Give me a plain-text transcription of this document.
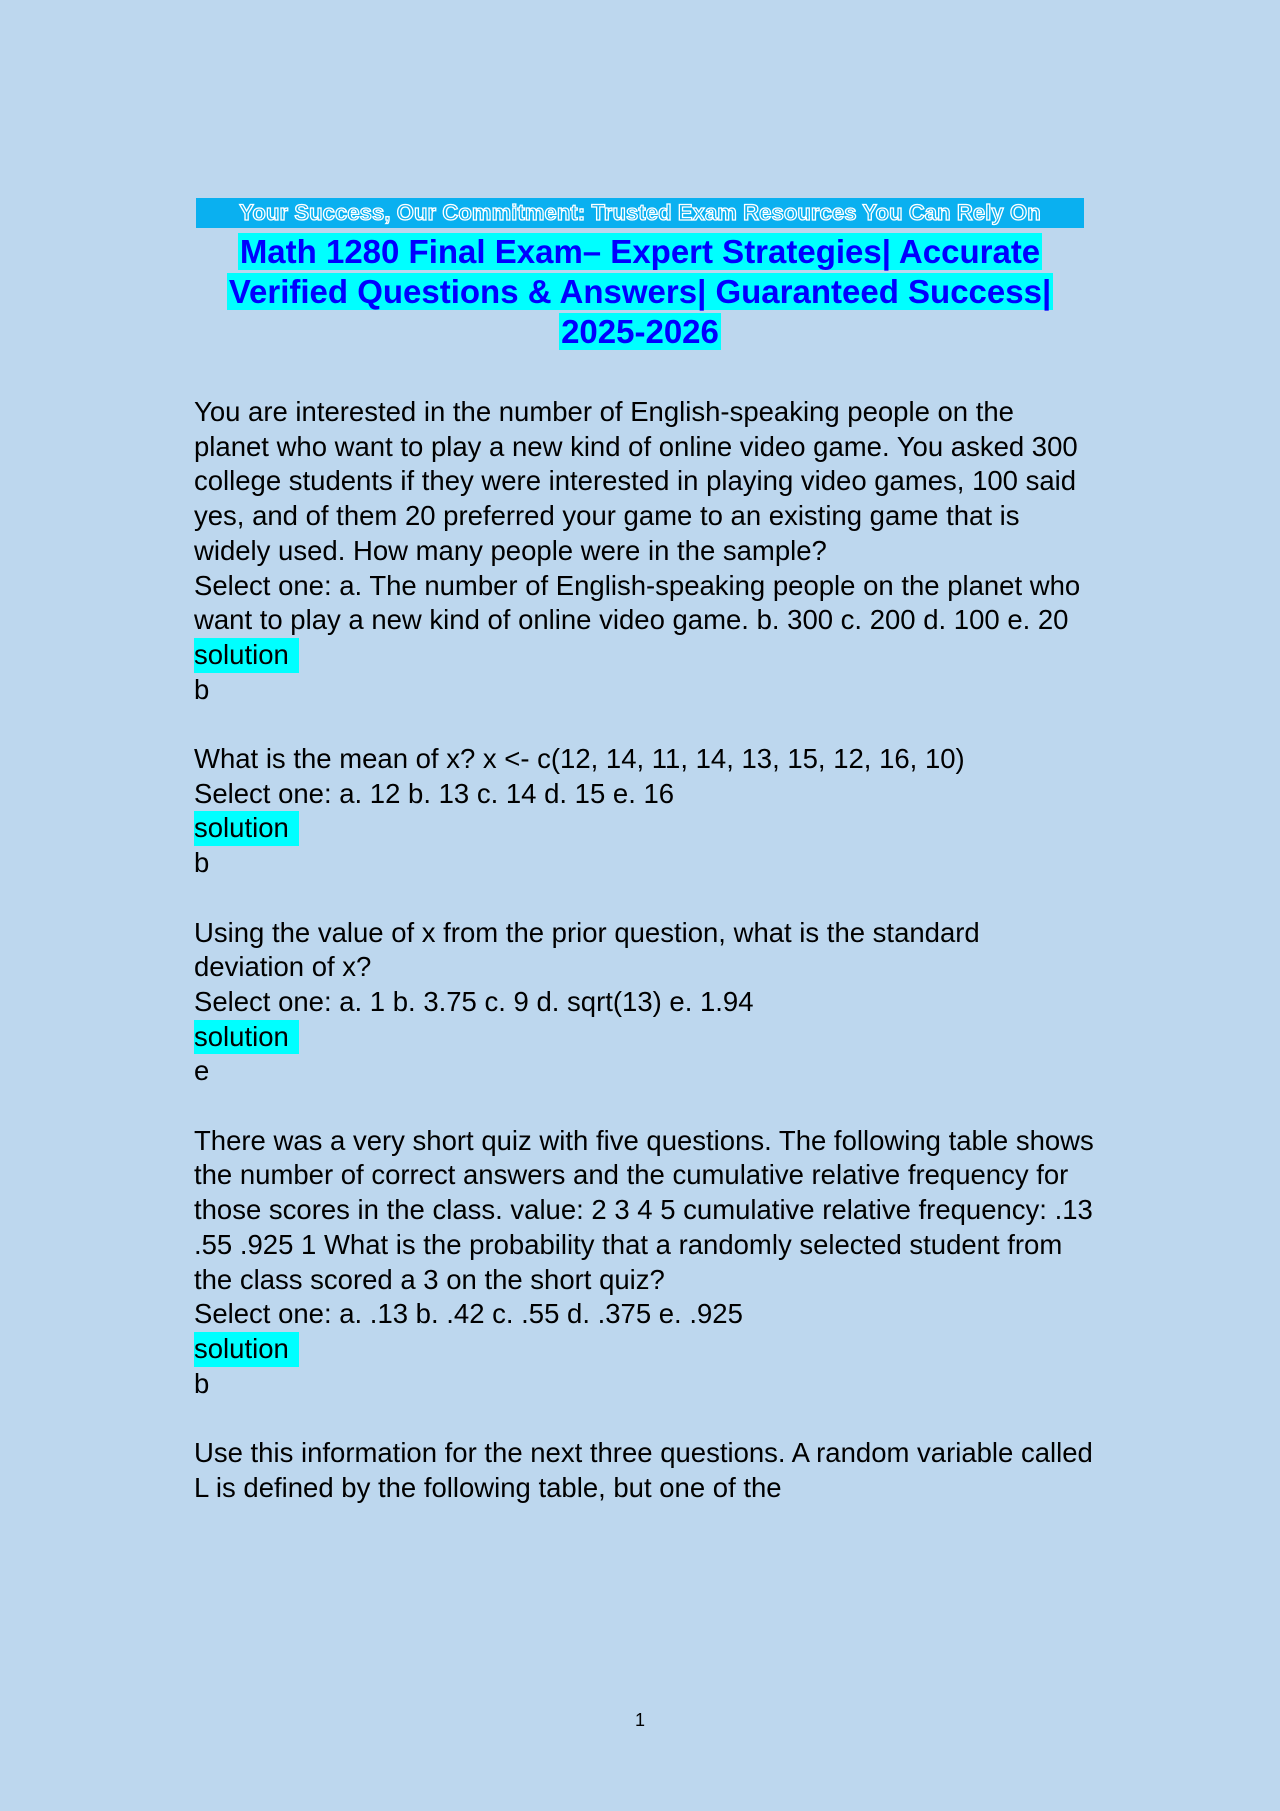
Your Success, Our Commitment: Trusted Exam Resources You Can Rely On
Math 1280 Final Exam– Expert Strategies| Accurate
Verified Questions & Answers| Guaranteed Success|
2025-2026
You are interested in the number of English-speaking people on the planet who want to play a new kind of online video game. You asked 300 college students if they were interested in playing video games, 100 said yes, and of them 20 preferred your game to an existing game that is widely used. How many people were in the sample?
Select one: a. The number of English-speaking people on the planet who want to play a new kind of online video game. b. 300 c. 200 d. 100 e. 20
solution
b
What is the mean of x? x <- c(12, 14, 11, 14, 13, 15, 12, 16, 10)
Select one: a. 12 b. 13 c. 14 d. 15 e. 16
solution
b
Using the value of x from the prior question, what is the standard deviation of x?
Select one: a. 1 b. 3.75 c. 9 d. sqrt(13) e. 1.94
solution
e
There was a very short quiz with five questions. The following table shows the number of correct answers and the cumulative relative frequency for those scores in the class. value: 2 3 4 5 cumulative relative frequency: .13 .55 .925 1 What is the probability that a randomly selected student from the class scored a 3 on the short quiz?
Select one: a. .13 b. .42 c. .55 d. .375 e. .925
solution
b
Use this information for the next three questions. A random variable called L is defined by the following table, but one of the
1
